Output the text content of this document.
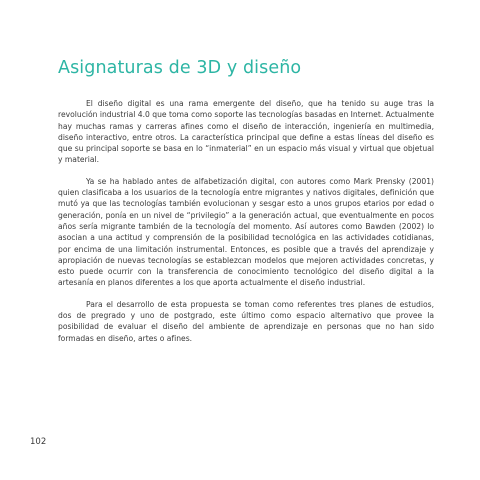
Asignaturas de 3D y diseño

El diseño digital es una rama emergente del diseño, que ha tenido su auge tras la revolución industrial 4.0 que toma como soporte las tecnologías basadas en Internet. Actualmente hay muchas ramas y carreras afines como el diseño de interacción, ingeniería en multimedia, diseño interactivo, entre otros. La característica principal que define a estas líneas del diseño es que su principal soporte se basa en lo “inmaterial” en un espacio más visual y virtual que objetual y material.

Ya se ha hablado antes de alfabetización digital, con autores como Mark Prensky (2001) quien clasificaba a los usuarios de la tecnología entre migrantes y nativos digitales, definición que mutó ya que las tecnologías también evolucionan y sesgar esto a unos grupos etarios por edad o generación, ponía en un nivel de “privilegio” a la generación actual, que eventualmente en pocos años sería migrante también de la tecnología del momento. Así autores como Bawden (2002) lo asocian a una actitud y comprensión de la posibilidad tecnológica en las actividades cotidianas, por encima de una limitación instrumental. Entonces, es posible que a través del aprendizaje y apropiación de nuevas tecnologías se establezcan modelos que mejoren actividades concretas, y esto puede ocurrir con la transferencia de conocimiento tecnológico del diseño digital a la artesanía en planos diferentes a los que aporta actualmente el diseño industrial.

Para el desarrollo de esta propuesta se toman como referentes tres planes de estudios, dos de pregrado y uno de postgrado, este último como espacio alternativo que provee la posibilidad de evaluar el diseño del ambiente de aprendizaje en personas que no han sido formadas en diseño, artes o afines.

102
